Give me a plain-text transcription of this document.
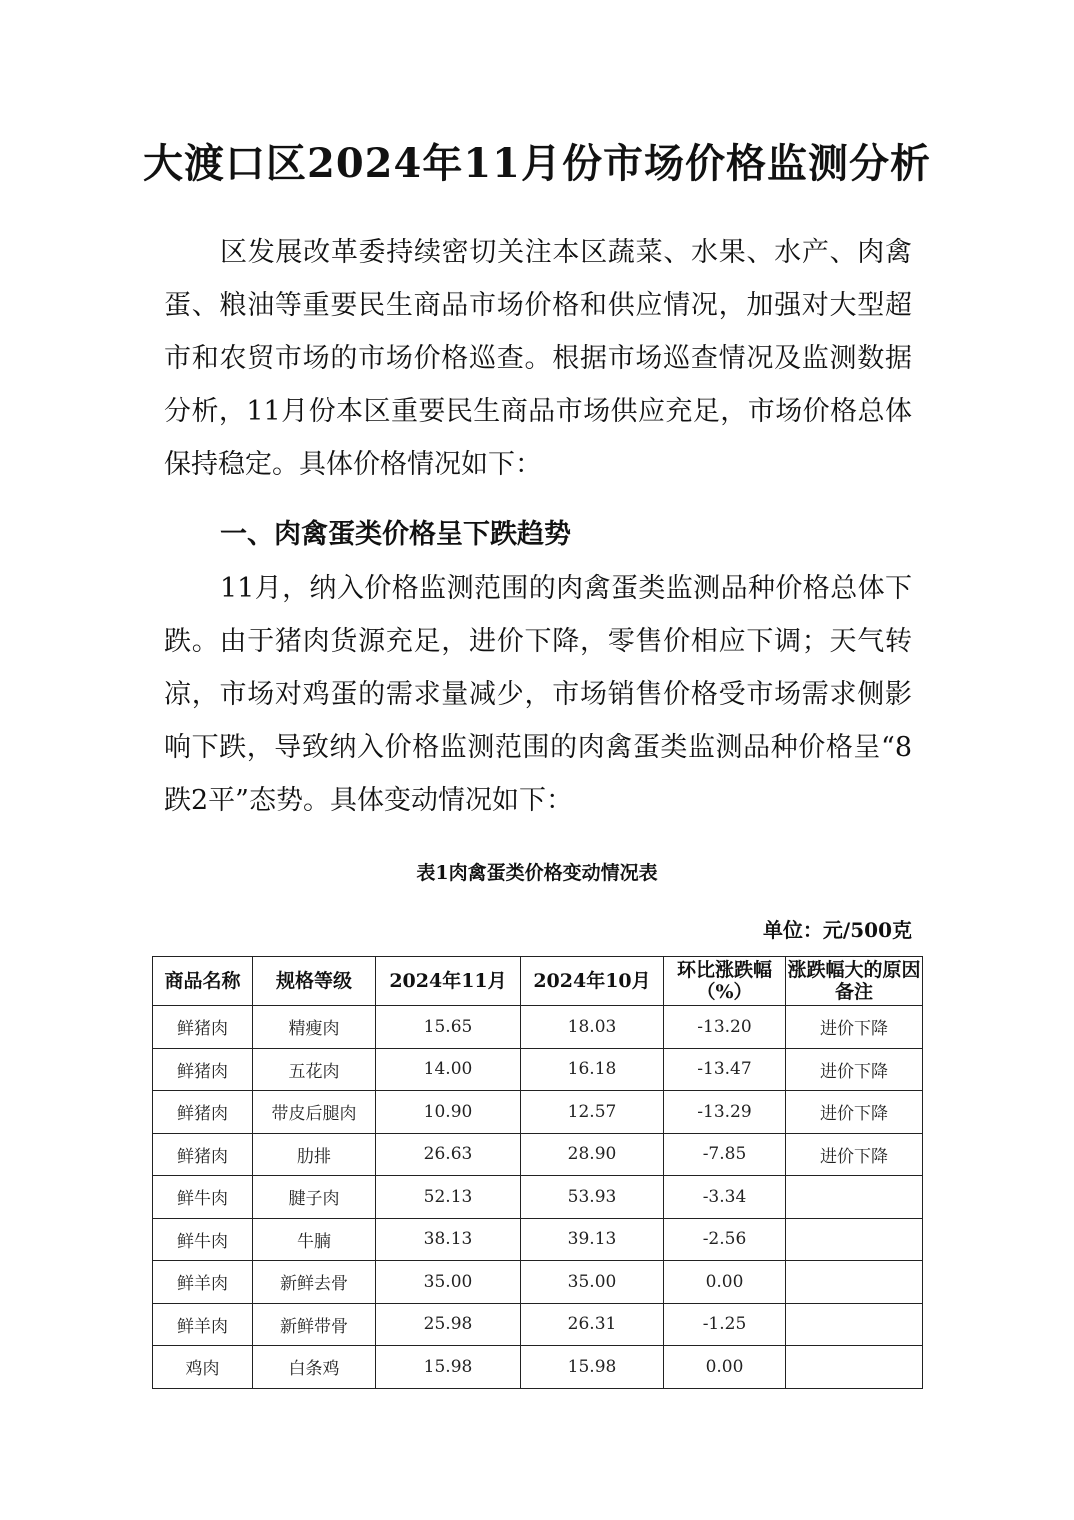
大渡口区2024年11月份市场价格监测分析
区发展改革委持续密切关注本区蔬菜、水果、水产、肉禽蛋、粮油等重要民生商品市场价格和供应情况，加强对大型超市和农贸市场的市场价格巡查。根据市场巡查情况及监测数据分析，11月份本区重要民生商品市场供应充足，市场价格总体保持稳定。具体价格情况如下：
一、肉禽蛋类价格呈下跌趋势
11月，纳入价格监测范围的肉禽蛋类监测品种价格总体下跌。由于猪肉货源充足，进价下降，零售价相应下调；天气转凉，市场对鸡蛋的需求量减少，市场销售价格受市场需求侧影响下跌，导致纳入价格监测范围的肉禽蛋类监测品种价格呈“8跌2平”态势。具体变动情况如下：
表1肉禽蛋类价格变动情况表
单位：元/500克
商品名称	规格等级	2024年11月	2024年10月	环比涨跌幅（%）	涨跌幅大的原因备注
鲜猪肉	精瘦肉	15.65	18.03	-13.20	进价下降
鲜猪肉	五花肉	14.00	16.18	-13.47	进价下降
鲜猪肉	带皮后腿肉	10.90	12.57	-13.29	进价下降
鲜猪肉	肋排	26.63	28.90	-7.85	进价下降
鲜牛肉	腱子肉	52.13	53.93	-3.34	
鲜牛肉	牛腩	38.13	39.13	-2.56	
鲜羊肉	新鲜去骨	35.00	35.00	0.00	
鲜羊肉	新鲜带骨	25.98	26.31	-1.25	
鸡肉	白条鸡	15.98	15.98	0.00	
